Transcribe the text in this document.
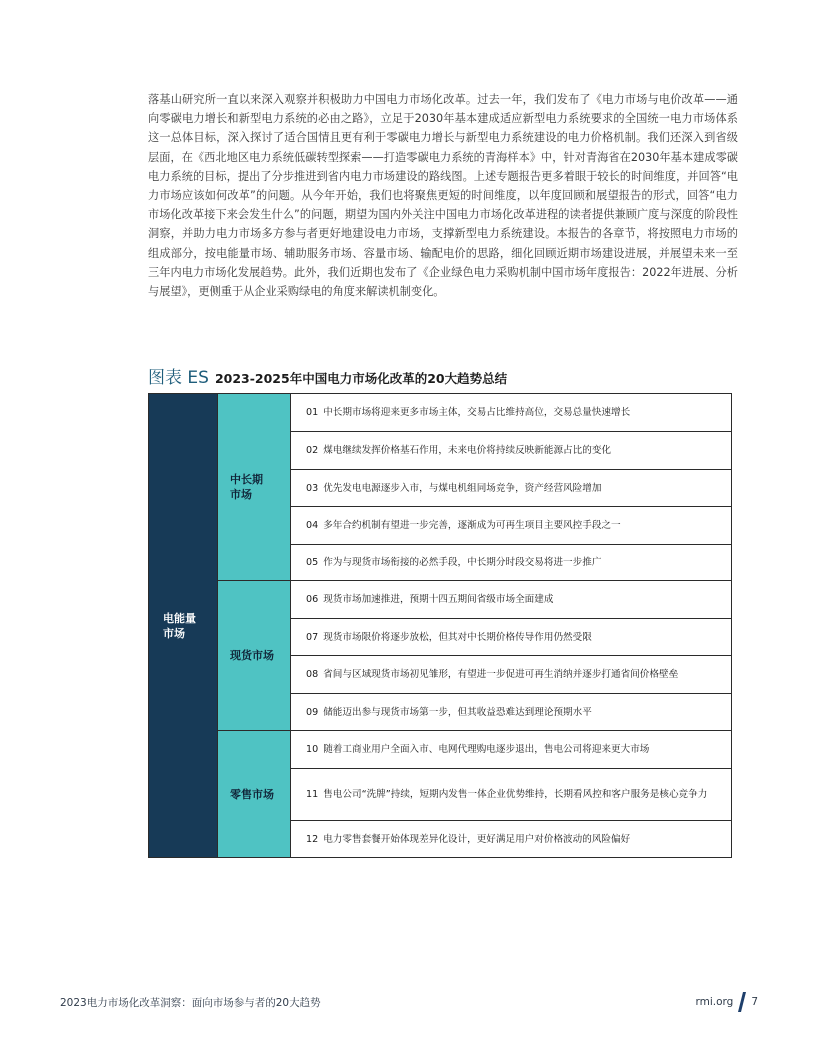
落基山研究所一直以来深入观察并积极助力中国电力市场化改革。过去一年，我们发布了《电力市场与电价改革——通向零碳电力增长和新型电力系统的必由之路》，立足于2030年基本建成适应新型电力系统要求的全国统一电力市场体系这一总体目标，深入探讨了适合国情且更有利于零碳电力增长与新型电力系统建设的电力价格机制。我们还深入到省级层面，在《西北地区电力系统低碳转型探索——打造零碳电力系统的青海样本》中，针对青海省在2030年基本建成零碳电力系统的目标，提出了分步推进到省内电力市场建设的路线图。上述专题报告更多着眼于较长的时间维度，并回答“电力市场应该如何改革”的问题。从今年开始，我们也将聚焦更短的时间维度，以年度回顾和展望报告的形式，回答“电力市场化改革接下来会发生什么”的问题，期望为国内外关注中国电力市场化改革进程的读者提供兼顾广度与深度的阶段性洞察，并助力电力市场多方参与者更好地建设电力市场，支撑新型电力系统建设。本报告的各章节，将按照电力市场的组成部分，按电能量市场、辅助服务市场、容量市场、输配电价的思路，细化回顾近期市场建设进展，并展望未来一至三年内电力市场化发展趋势。此外，我们近期也发布了《企业绿色电力采购机制中国市场年度报告：2022年进展、分析与展望》，更侧重于从企业采购绿电的角度来解读机制变化。

图表 ES 2023-2025年中国电力市场化改革的20大趋势总结
电能量
市场
中长期
市场
现货市场
零售市场
01 中长期市场将迎来更多市场主体，交易占比维持高位，交易总量快速增长
02 煤电继续发挥价格基石作用，未来电价将持续反映新能源占比的变化
03 优先发电电源逐步入市，与煤电机组同场竞争，资产经营风险增加
04 多年合约机制有望进一步完善，逐渐成为可再生项目主要风控手段之一
05 作为与现货市场衔接的必然手段，中长期分时段交易将进一步推广
06 现货市场加速推进，预期十四五期间省级市场全面建成
07 现货市场限价将逐步放松，但其对中长期价格传导作用仍然受限
08 省间与区域现货市场初见雏形，有望进一步促进可再生消纳并逐步打通省间价格壁垒
09 储能迈出参与现货市场第一步，但其收益恐难达到理论预期水平
10 随着工商业用户全面入市、电网代理购电逐步退出，售电公司将迎来更大市场
11 售电公司“洗牌”持续，短期内发售一体企业优势维持，长期看风控和客户服务是核心竞争力
12 电力零售套餐开始体现差异化设计，更好满足用户对价格波动的风险偏好
2023电力市场化改革洞察：面向市场参与者的20大趋势	rmi.org 7
